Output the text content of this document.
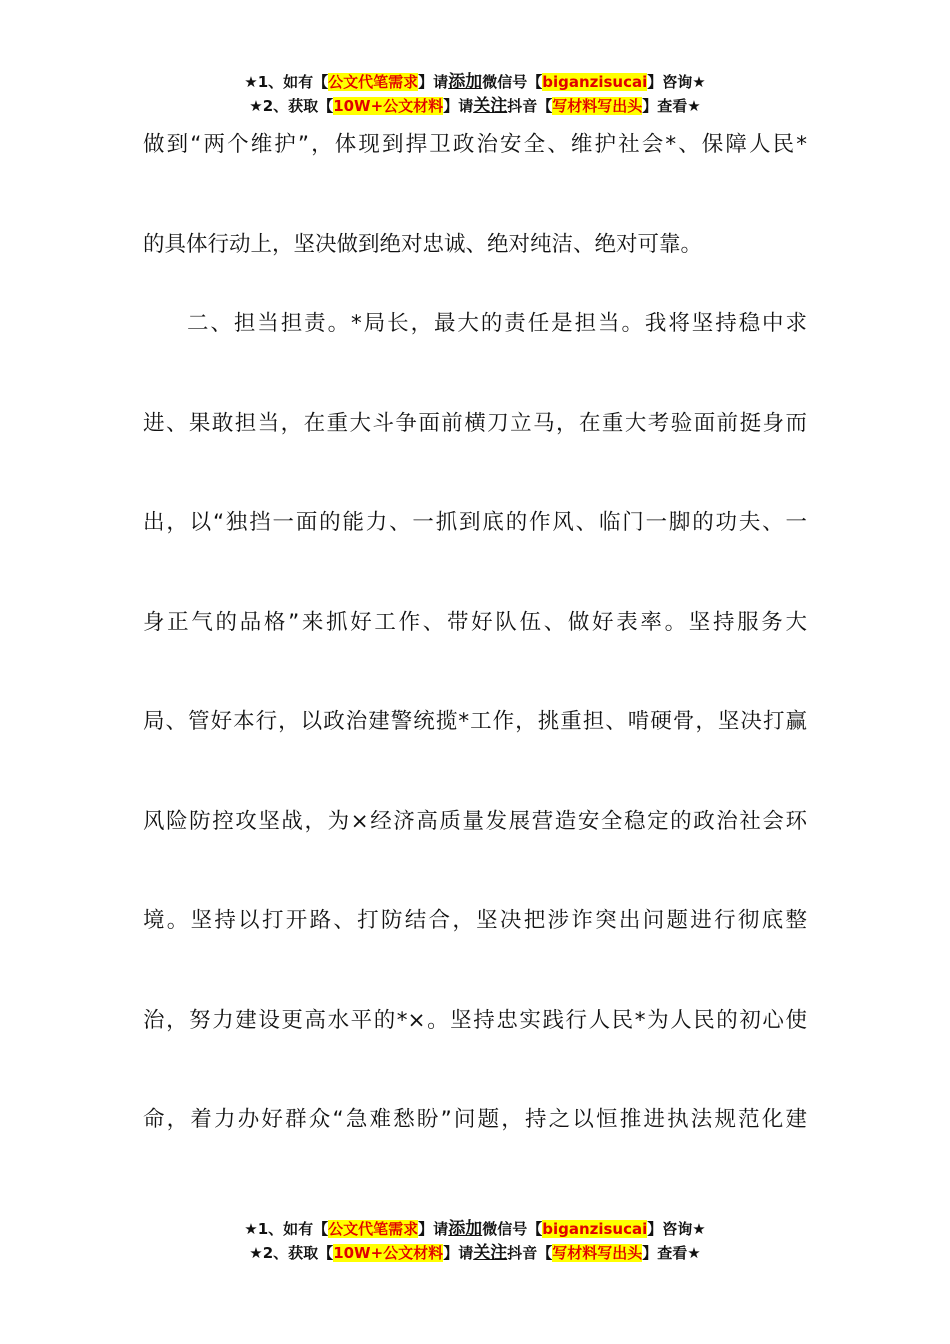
★1、如有【公文代笔需求】请添加微信号【biganzisucai】咨询★
★2、获取【10W+公文材料】请关注抖音【写材料写出头】查看★
做到“两个维护”，体现到捍卫政治安全、维护社会*、保障人民*
的具体行动上，坚决做到绝对忠诚、绝对纯洁、绝对可靠。
二、担当担责。*局长，最大的责任是担当。我将坚持稳中求
进、果敢担当，在重大斗争面前横刀立马，在重大考验面前挺身而
出，以“独挡一面的能力、一抓到底的作风、临门一脚的功夫、一
身正气的品格”来抓好工作、带好队伍、做好表率。坚持服务大
局、管好本行，以政治建警统揽*工作，挑重担、啃硬骨，坚决打赢
风险防控攻坚战，为×经济高质量发展营造安全稳定的政治社会环
境。坚持以打开路、打防结合，坚决把涉诈突出问题进行彻底整
治，努力建设更高水平的*×。坚持忠实践行人民*为人民的初心使
命，着力办好群众“急难愁盼”问题，持之以恒推进执法规范化建
★1、如有【公文代笔需求】请添加微信号【biganzisucai】咨询★
★2、获取【10W+公文材料】请关注抖音【写材料写出头】查看★
